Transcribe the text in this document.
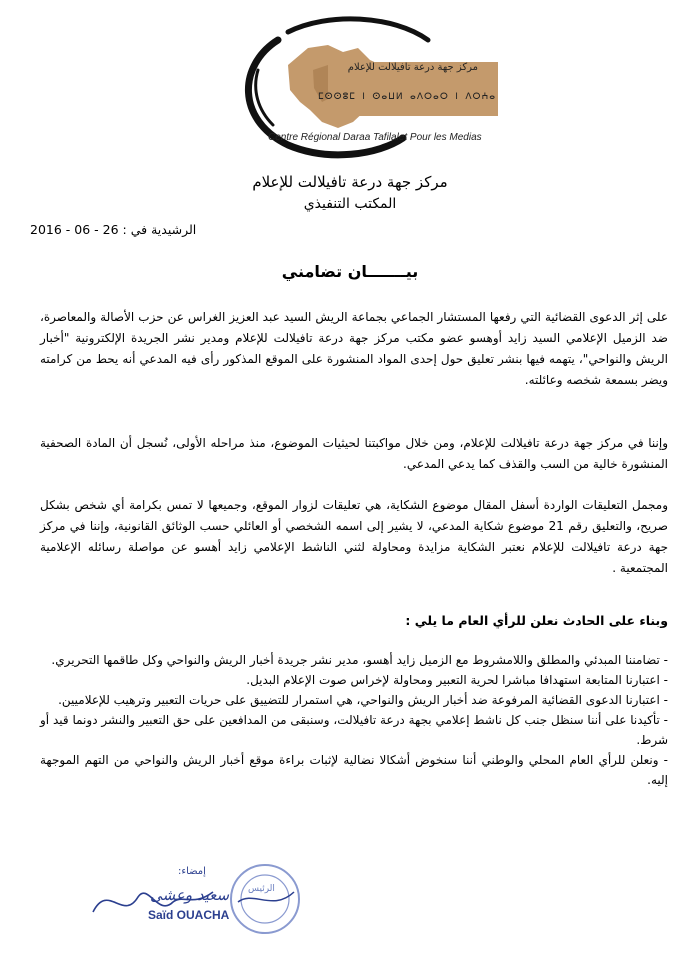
مركز جهة درعة تافيلالت للإعلام
ⵎⵙⵙⵓⵎ ⵏ ⵙⴰⵡⵍ ⴰⴷⵔⴰⵔ ⵏ ⴷⵔⵄⴰ
Centre Régional Daraa Tafilalet Pour les Medias
مركز جهة درعة تافيلالت للإعلام
المكتب التنفيذي
الرشيدية في : 26 - 06 - 2016
بيـــــــان تضامني

على إثر الدعوى القضائية التي رفعها المستشار الجماعي بجماعة الريش السيد عبد العزيز الغراس عن حزب الأصالة والمعاصرة، ضد الزميل الإعلامي السيد زايد أوهسو عضو مكتب مركز جهة درعة تافيلالت للإعلام ومدير نشر الجريدة الإلكترونية "أخبار الريش والنواحي"، يتهمه فيها بنشر تعليق حول إحدى المواد المنشورة على الموقع المذكور رأى فيه المدعي أنه يحط من كرامته ويضر بسمعة شخصه وعائلته.

وإننا في مركز جهة درعة تافيلالت للإعلام، ومن خلال مواكبتنا لحيثيات الموضوع، منذ مراحله الأولى، نُسجل أن المادة الصحفية المنشورة خالية من السب والقذف كما يدعي المدعي.

ومجمل التعليقات الواردة أسفل المقال موضوع الشكاية، هي تعليقات لزوار الموقع، وجميعها لا تمس بكرامة أي شخص بشكل صريح، والتعليق رقم 21 موضوع شكاية المدعي، لا يشير إلى اسمه الشخصي أو العائلي حسب الوثائق القانونية، وإننا في مركز جهة درعة تافيلالت للإعلام نعتبر الشكاية مزايدة ومحاولة لثني الناشط الإعلامي زايد أهسو عن مواصلة رسائله الإعلامية المجتمعية .

وبناء على الحادث نعلن للرأي العام ما يلي :

- تضامننا المبدئي والمطلق واللامشروط مع الزميل زايد أهسو، مدير نشر جريدة أخبار الريش والنواحي وكل طاقمها التحريري.

- اعتبارنا المتابعة استهدافا مباشرا لحرية التعبير ومحاولة لإخراس صوت الإعلام البديل.

- اعتبارنا الدعوى القضائية المرفوعة ضد أخبار الريش والنواحي، هي استمرار للتضييق على حريات التعبير وترهيب للإعلاميين.

- تأكيدنا على أننا سنظل جنب كل ناشط إعلامي بجهة درعة تافيلالت، وسنبقى من المدافعين على حق التعبير والنشر دونما قيد أو شرط.

- ونعلن للرأي العام المحلي والوطني أننا سنخوض أشكالا نضالية لإثبات براءة موقع أخبار الريش والنواحي من التهم الموجهة إليه.

الرئيس
إمضاء:
سعيد وعشى
Saïd OUACHA
